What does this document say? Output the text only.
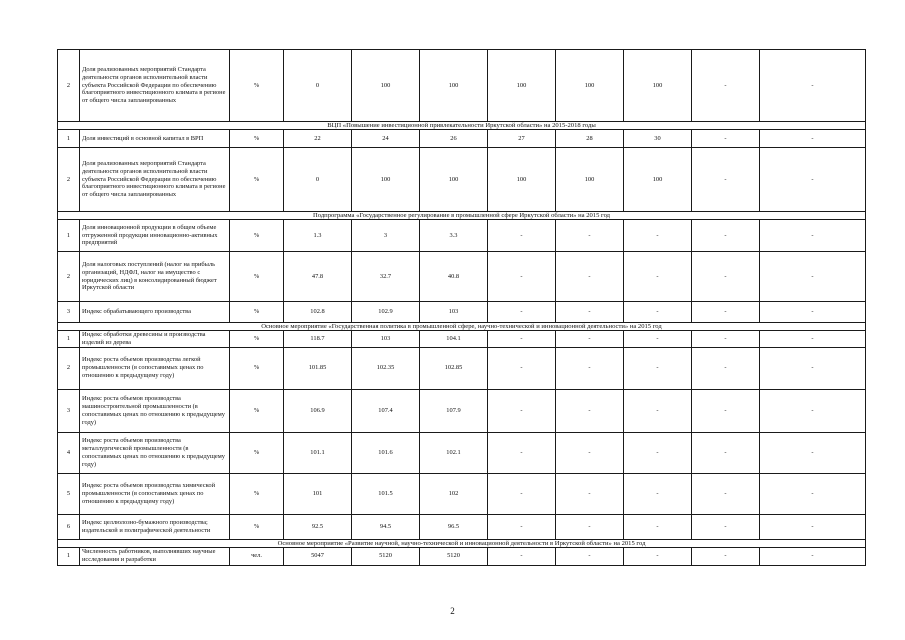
2	Доля реализованных мероприятий Стандарта деятельности органов исполнительной власти субъекта Российской Федерации по обеспечению благоприятного инвестиционного климата в регионе от общего числа запланированных	%	0	100	100	100	100	100	-	-
ВЦП «Повышение инвестиционной привлекательности Иркутской области» на 2015-2018 годы										
1	Доля инвестиций в основной капитал в ВРП	%	22	24	26	27	28	30	-	-
2	Доля реализованных мероприятий Стандарта деятельности органов исполнительной власти субъекта Российской Федерации по обеспечению благоприятного инвестиционного климата в регионе от общего числа запланированных	%	0	100	100	100	100	100	-	-
Подпрограмма «Государственное регулирование в промышленной сфере Иркутской области» на 2015 год										
1	Доля инновационной продукции в общем объеме отгруженной продукции инновационно-активных предприятий	%	1.3	3	3.3	-	-	-	-	-
2	Доля налоговых поступлений (налог на прибыль организаций, НДФЛ, налог на имущество с юридических лиц) в консолидированный бюджет Иркутской области	%	47.8	32.7	40.8	-	-	-	-	-
3	Индекс обрабатывающего производства	%	102.8	102.9	103	-	-	-	-	-
Основное мероприятие «Государственная политика в промышленной сфере, научно-технической и инновационной деятельности» на 2015 год										
1	Индекс обработки древесины и производства изделий из дерева	%	118.7	103	104.1	-	-	-	-	-
2	Индекс роста объемов производства легкой промышленности (в сопоставимых ценах по отношению к предыдущему году)	%	101.85	102.35	102.85	-	-	-	-	-
3	Индекс роста объемов производства машиностроительной промышленности (в сопоставимых ценах по отношению к предыдущему году)	%	106.9	107.4	107.9	-	-	-	-	-
4	Индекс роста объемов производства металлургической промышленности (в сопоставимых ценах по отношению к предыдущему году)	%	101.1	101.6	102.1	-	-	-	-	-
5	Индекс роста объемов производства химической промышленности (в сопоставимых ценах по отношению к предыдущему году)	%	101	101.5	102	-	-	-	-	-
6	Индекс целлюлозно-бумажного производства; издательской и полиграфической деятельности	%	92.5	94.5	96.5	-	-	-	-	-
Основное мероприятие «Развитие научной, научно-технической и инновационной деятельности в Иркутской области» на 2015 год										
1	Численность работников, выполнявших научные исследования и разработки	чел.	5047	5120	5120	-	-	-	-	-
2
